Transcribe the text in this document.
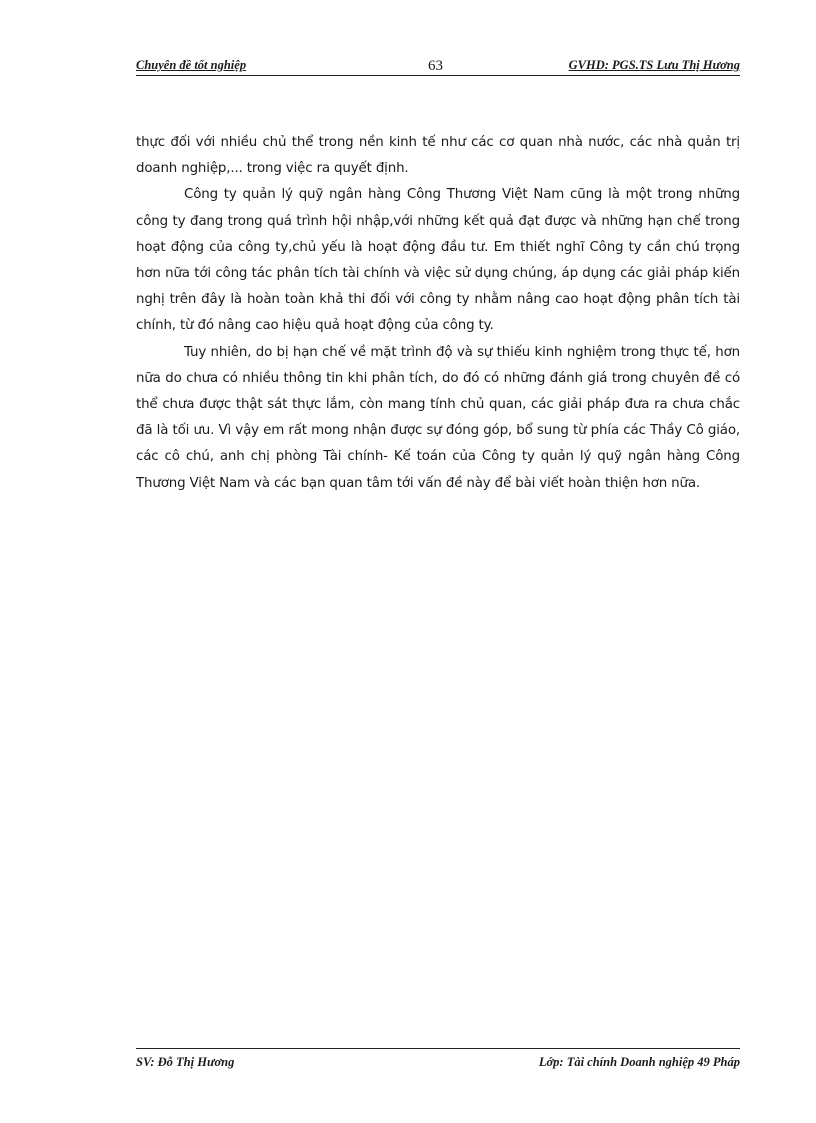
Chuyên đề tốt nghiệp	63	GVHD: PGS.TS Lưu Thị Hương

thực đối với nhiều chủ thể trong nền kinh tế như các cơ quan nhà nước, các nhà quản trị doanh nghiệp,... trong việc ra quyết định.

Công ty quản lý quỹ ngân hàng Công Thương Việt Nam cũng là một trong những công ty đang trong quá trình hội nhập,với những kết quả đạt được và những hạn chế trong hoạt động của công ty,chủ yếu là hoạt động đầu tư. Em thiết nghĩ Công ty cần chú trọng hơn nữa tới công tác phân tích tài chính và việc sử dụng chúng, áp dụng các giải pháp kiến nghị trên đây là hoàn toàn khả thi đối với công ty nhằm nâng cao hoạt động phân tích tài chính, từ đó nâng cao hiệu quả hoạt động của công ty.

Tuy nhiên, do bị hạn chế về mặt trình độ và sự thiếu kinh nghiệm trong thực tế, hơn nữa do chưa có nhiều thông tin khi phân tích, do đó có những đánh giá trong chuyên đề có thể chưa được thật sát thực lắm, còn mang tính chủ quan, các giải pháp đưa ra chưa chắc đã là tối ưu. Vì vậy em rất mong nhận được sự đóng góp, bổ sung từ phía các Thầy Cô giáo, các cô chú, anh chị phòng Tài chính- Kế toán của Công ty quản lý quỹ ngân hàng Công Thương Việt Nam và các bạn quan tâm tới vấn đề này để bài viết hoàn thiện hơn nữa.

SV: Đỗ Thị Hương	Lớp: Tài chính Doanh nghiệp 49 Pháp
